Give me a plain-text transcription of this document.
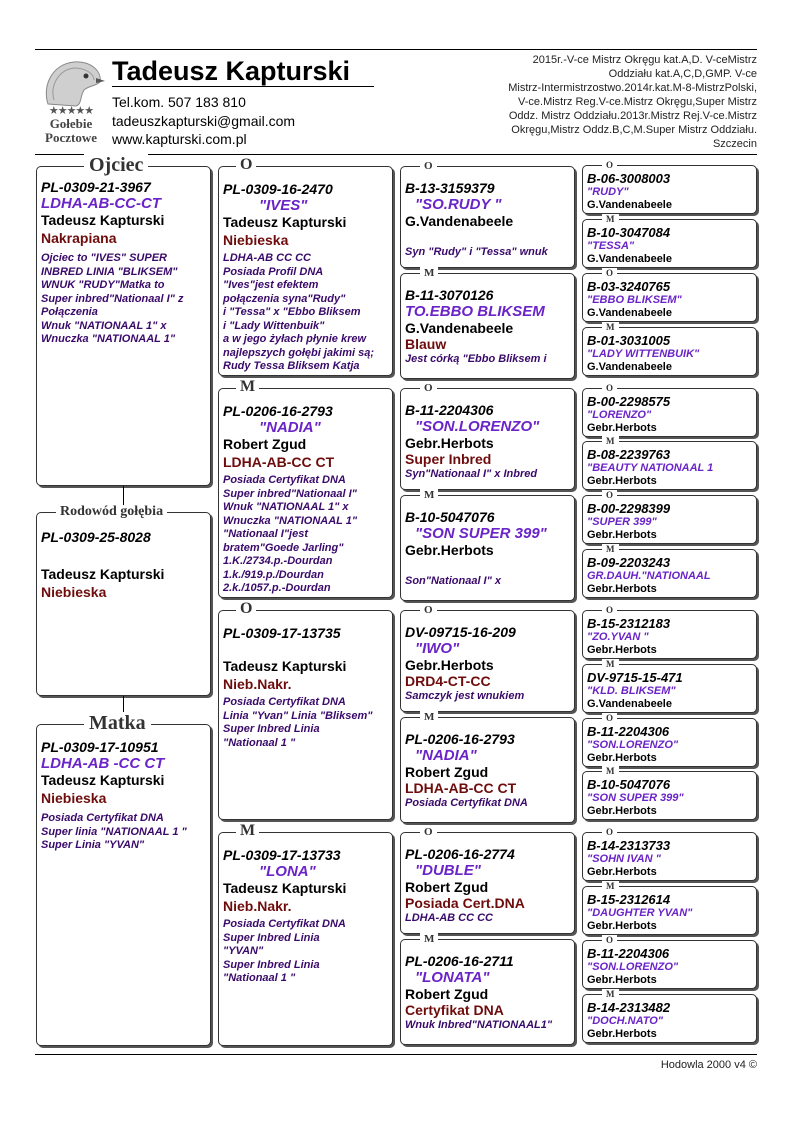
★★★★★
Gołebie
Pocztowe
Tadeusz Kapturski
Tel.kom. 507 183 810
tadeuszkapturski@gmail.com
www.kapturski.com.pl
2015r.-V-ce Mistrz Okręgu kat.A,D. V-ceMistrz
Oddziału kat.A,C,D,GMP. V-ce
Mistrz-Intermistrzostwo.2014r.kat.M-8-MistrzPolski,
V-ce.Mistrz Reg.V-ce.Mistrz Okręgu,Super Mistrz
Oddz. Mistrz Oddziału.2013r.Mistrz Rej.V-ce.Mistrz
Okręgu,Mistrz Oddz.B,C,M.Super Mistrz Oddziału.
Szczecin
PL-0309-21-3967
LDHA-AB-CC-CT
Tadeusz Kapturski
Nakrapiana
Ojciec to "IVES" SUPER
INBRED LINIA "BLIKSEM"
WNUK "RUDY"Matka to
Super inbred"Nationaal I" z
Połączenia
Wnuk "NATIONAAL 1" x
Wnuczka "NATIONAAL 1"
Ojciec
PL-0309-25-8028
Tadeusz Kapturski
Niebieska
Rodowód gołębia
PL-0309-17-10951
LDHA-AB -CC CT
Tadeusz Kapturski
Niebieska
Posiada Certyfikat DNA
Super linia "NATIONAAL 1 "
Super Linia "YVAN"
Matka
PL-0309-16-2470
"IVES"
Tadeusz Kapturski
Niebieska
LDHA-AB CC CC
Posiada Profil DNA
"Ives"jest efektem
połączenia syna"Rudy"
i "Tessa" x "Ebbo Bliksem
i "Lady Wittenbuik"
a w jego żyłach płynie krew
najlepszych gołębi jakimi są;
Rudy Tessa Bliksem Katja
O
PL-0206-16-2793
"NADIA"
Robert Zgud
LDHA-AB-CC CT
Posiada Certyfikat DNA
Super inbred"Nationaal I"
Wnuk "NATIONAAL 1" x
Wnuczka "NATIONAAL 1"
"Nationaal I"jest
bratem"Goede Jarling"
1.K./2734.p.-Dourdan
1.k./919.p./Dourdan
2.k./1057.p.-Dourdan
M
PL-0309-17-13735

Tadeusz Kapturski
Nieb.Nakr.
Posiada Certyfikat DNA
Linia "Yvan" Linia "Bliksem"
Super Inbred Linia
"Nationaal 1 "
O
PL-0309-17-13733
"LONA"
Tadeusz Kapturski
Nieb.Nakr.
Posiada Certyfikat DNA
Super Inbred Linia
"YVAN"
Super Inbred Linia
"Nationaal 1 "
M
B-13-3159379
"SO.RUDY "
G.Vandenabeele

Syn "Rudy" i "Tessa" wnuk
O
B-11-3070126
TO.EBBO BLIKSEM
G.Vandenabeele
Blauw
Jest córką "Ebbo Bliksem i
M
B-11-2204306
"SON.LORENZO"
Gebr.Herbots
Super Inbred
Syn"Nationaal I" x Inbred
O
B-10-5047076
"SON SUPER 399"
Gebr.Herbots

Son"Nationaal I" x
M
DV-09715-16-209
"IWO"
Gebr.Herbots
DRD4-CT-CC
Samczyk jest wnukiem
O
PL-0206-16-2793
"NADIA"
Robert Zgud
LDHA-AB-CC CT
Posiada Certyfikat DNA
M
PL-0206-16-2774
"DUBLE"
Robert Zgud
Posiada Cert.DNA
LDHA-AB CC CC
O
PL-0206-16-2711
"LONATA"
Robert Zgud
Certyfikat DNA
Wnuk Inbred"NATIONAAL1"
M
B-06-3008003
"RUDY"
G.Vandenabeele
O
B-10-3047084
"TESSA"
G.Vandenabeele
M
B-03-3240765
"EBBO BLIKSEM"
G.Vandenabeele
O
B-01-3031005
"LADY WITTENBUIK"
G.Vandenabeele
M
B-00-2298575
"LORENZO"
Gebr.Herbots
O
B-08-2239763
"BEAUTY NATIONAAL 1
Gebr.Herbots
M
B-00-2298399
"SUPER 399"
Gebr.Herbots
O
B-09-2203243
GR.DAUH."NATIONAAL
Gebr.Herbots
M
B-15-2312183
"ZO.YVAN "
Gebr.Herbots
O
DV-9715-15-471
"KLD. BLIKSEM"
G.Vandenabeele
M
B-11-2204306
"SON.LORENZO"
Gebr.Herbots
O
B-10-5047076
"SON SUPER 399"
Gebr.Herbots
M
B-14-2313733
"SOHN IVAN "
Gebr.Herbots
O
B-15-2312614
"DAUGHTER YVAN"
Gebr.Herbots
M
B-11-2204306
"SON.LORENZO"
Gebr.Herbots
O
B-14-2313482
"DOCH.NATO"
Gebr.Herbots
M
Hodowla 2000 v4 ©
